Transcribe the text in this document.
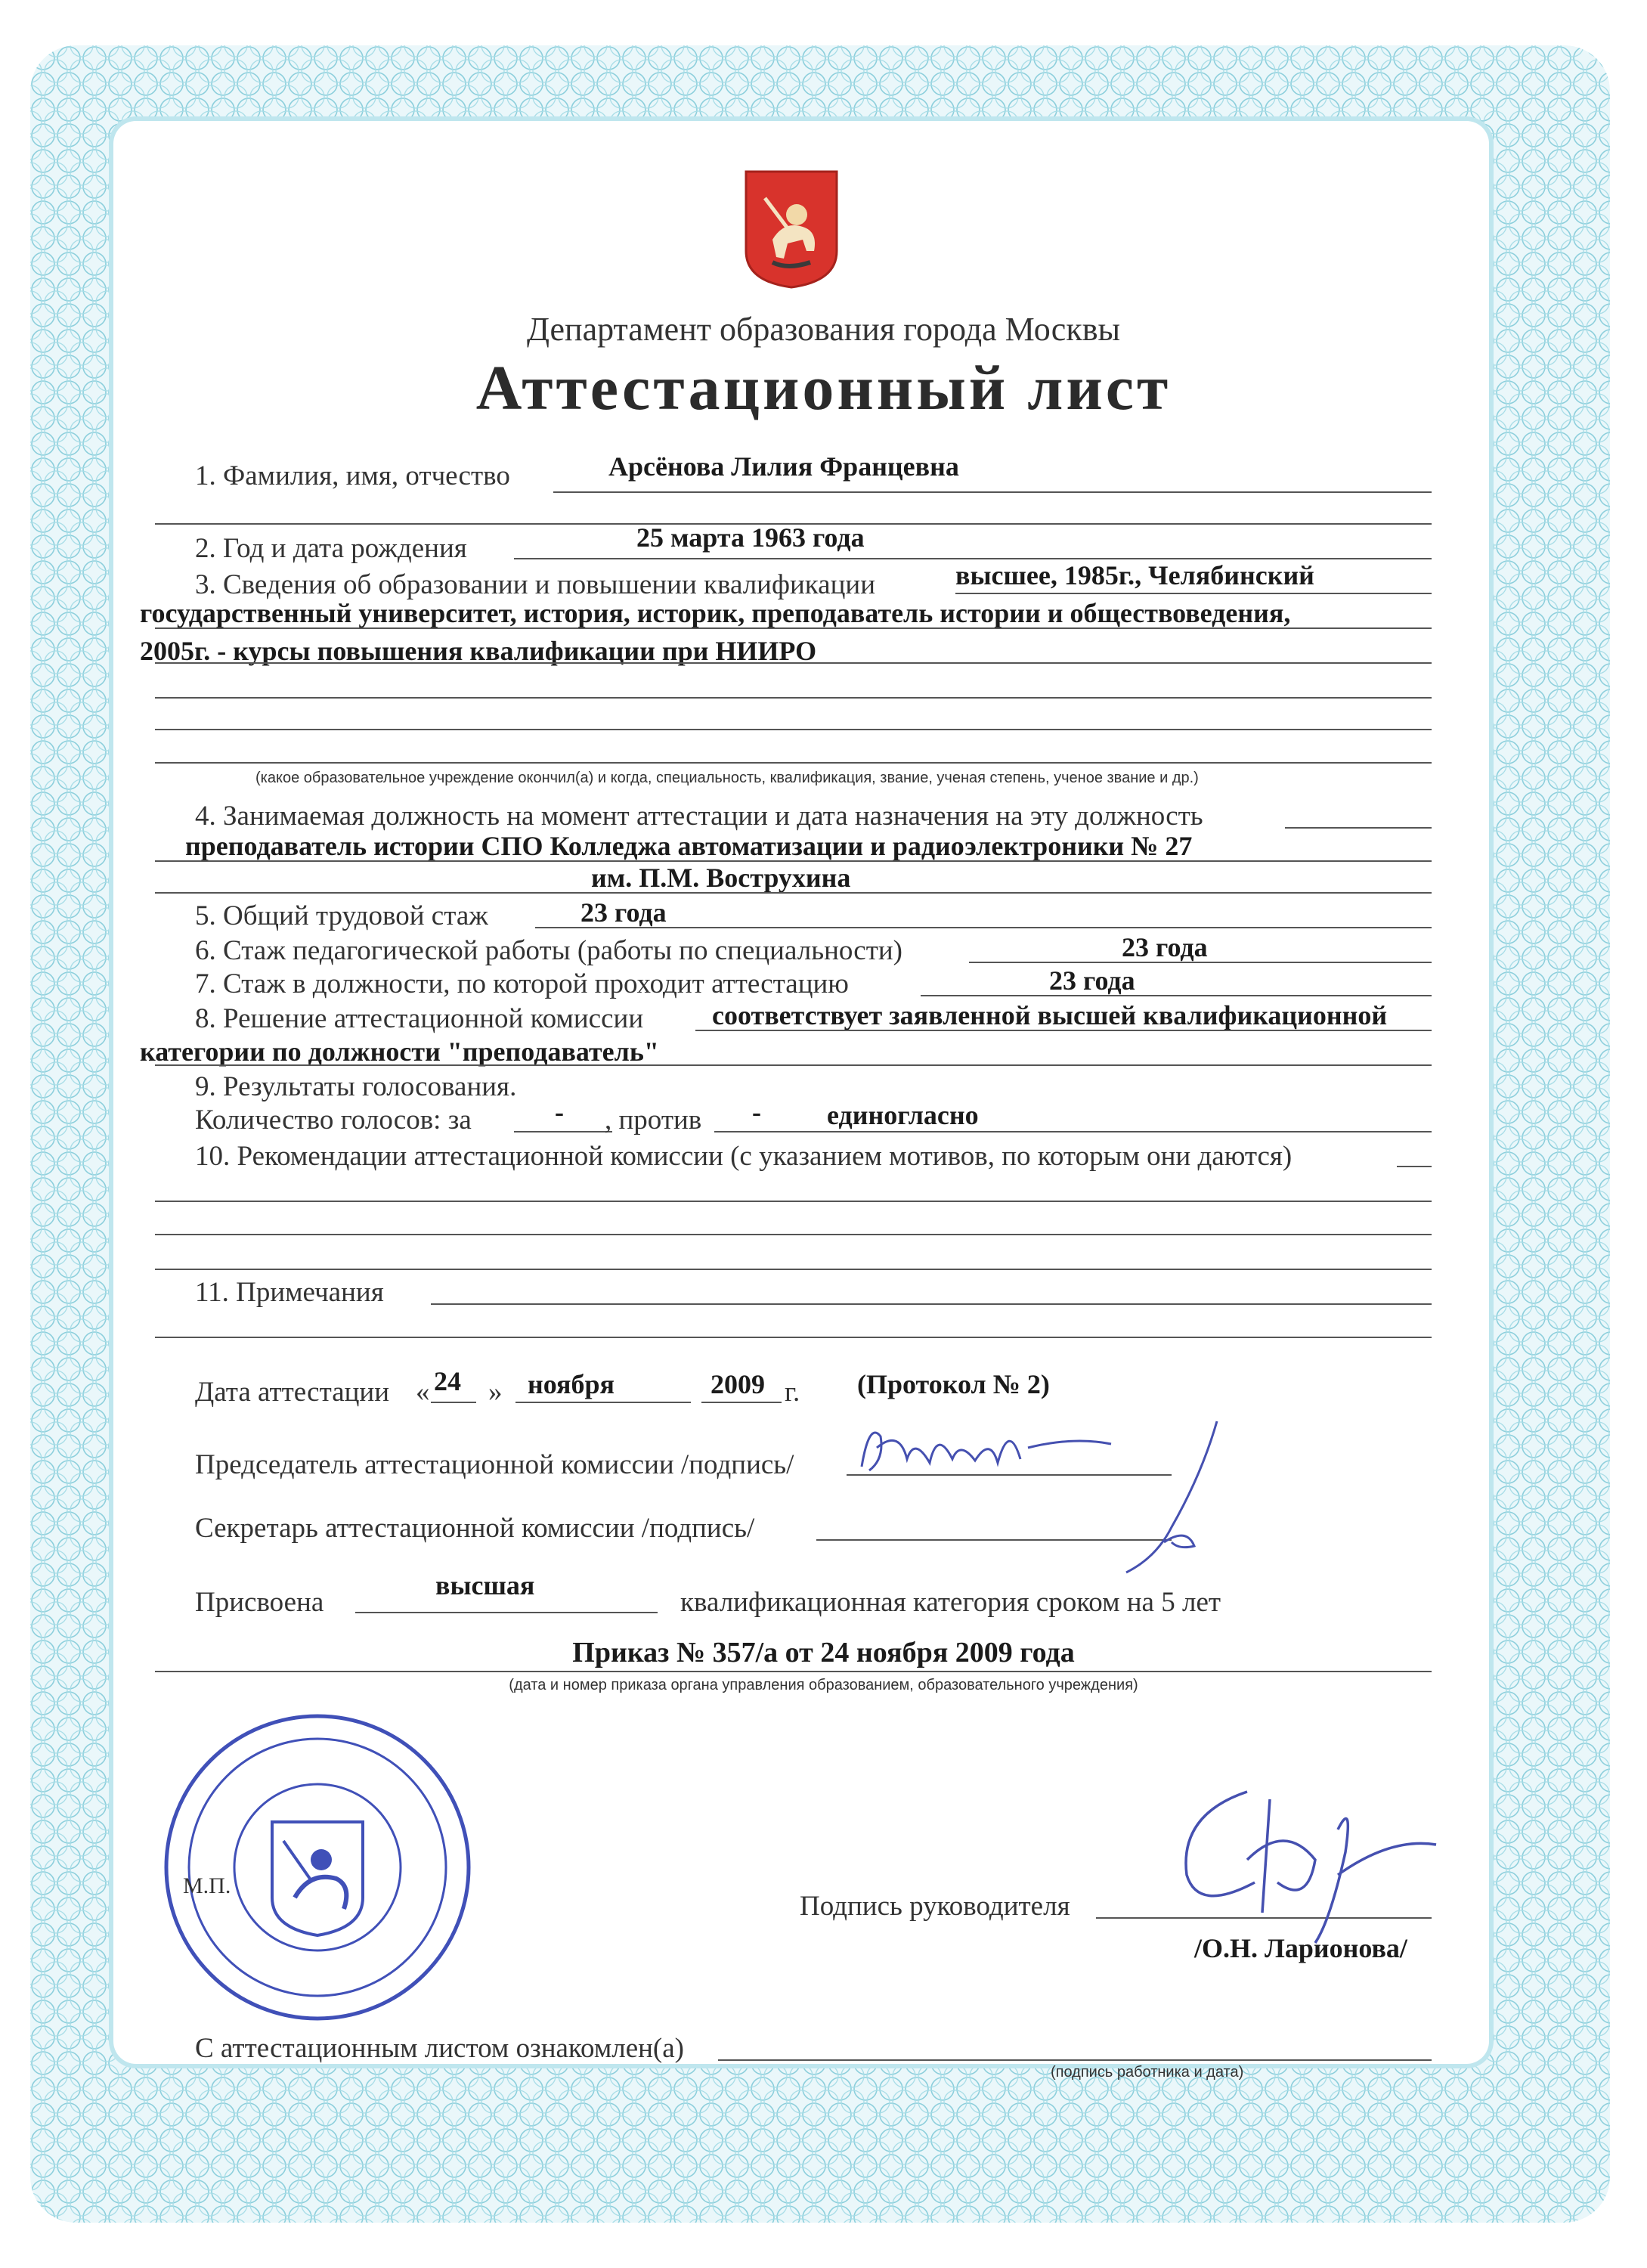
Департамент образования города Москвы
Аттестационный лист
1. Фамилия, имя, отчество	Арсёнова Лилия Францевна
2. Год и дата рождения	25 марта 1963 года
3. Сведения об образовании и повышении квалификации	высшее, 1985г., Челябинский
государственный университет, история, историк, преподаватель истории и обществоведения,
2005г. - курсы повышения квалификации при НИИРО
(какое образовательное учреждение окончил(а) и когда, специальность, квалификация, звание, ученая степень, ученое звание и др.)
4. Занимаемая должность на момент аттестации и дата назначения на эту должность
преподаватель истории СПО Колледжа автоматизации и радиоэлектроники № 27
им. П.М. Вострухина
5. Общий трудовой стаж	23 года
6. Стаж педагогической работы (работы по специальности)	23 года
7. Стаж в должности, по которой проходит аттестацию	23 года
8. Решение аттестационной комиссии	соответствует заявленной высшей квалификационной
категории по должности "преподаватель"
9. Результаты голосования.
Количество голосов: за	- , против - единогласно
10. Рекомендации аттестационной комиссии (с указанием мотивов, по которым они даются)
11. Примечания
Дата аттестации « 24 » ноября	2009 г. (Протокол № 2)
Председатель аттестационной комиссии /подпись/
Секретарь аттестационной комиссии /подпись/
Присвоена
высшая
квалификационная категория сроком на 5 лет
Приказ № 357/а от 24 ноября 2009 года
(дата и номер приказа органа управления образованием, образовательного учреждения)
М.П.
Подпись руководителя
/О.Н. Ларионова/
С аттестационным листом ознакомлен(а)
(подпись работника и дата)
